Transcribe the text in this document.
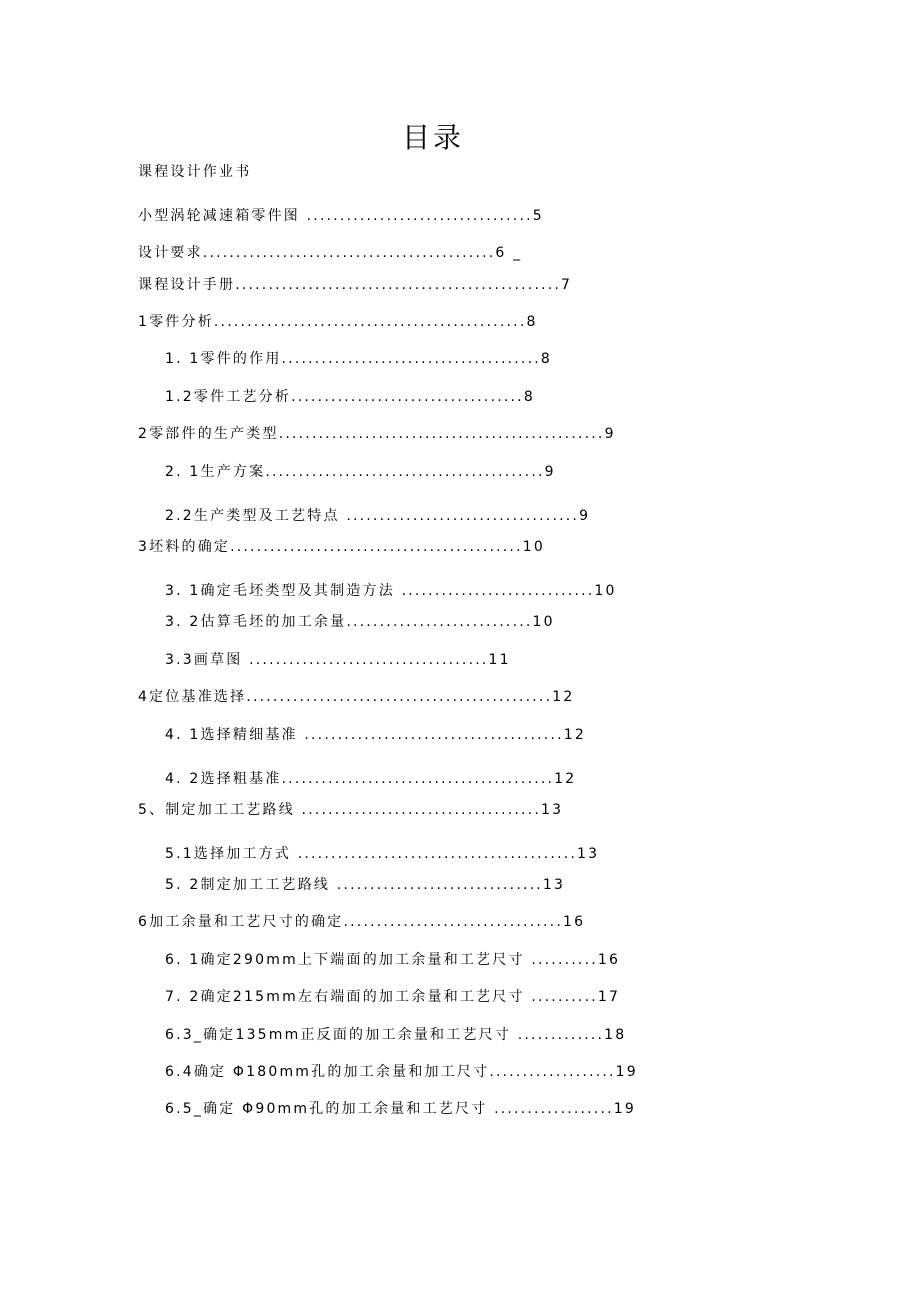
目录
课程设计作业书
小型涡轮减速箱零件图 ..................................5
设计要求............................................6 _
课程设计手册.................................................7
1零件分析...............................................8
1. 1零件的作用.......................................8
1.2零件工艺分析...................................8
2零部件的生产类型.................................................9
2. 1生产方案..........................................9
2.2生产类型及工艺特点 ...................................9
3坯料的确定............................................10
3. 1确定毛坯类型及其制造方法 .............................10
3. 2估算毛坯的加工余量............................10
3.3画草图 ....................................11
4定位基准选择..............................................12
4. 1选择精细基准 .......................................12
4. 2选择粗基准.........................................12
5、制定加工工艺路线 ....................................13
5.1选择加工方式 ..........................................13
5. 2制定加工工艺路线 ...............................13
6加工余量和工艺尺寸的确定.................................16
6. 1确定290mm上下端面的加工余量和工艺尺寸 ..........16
7. 2确定215mm左右端面的加工余量和工艺尺寸 ..........17
6.3_确定135mm正反面的加工余量和工艺尺寸 .............18
6.4确定 Φ180mm孔的加工余量和加工尺寸...................19
6.5_确定 Φ90mm孔的加工余量和工艺尺寸 ..................19
